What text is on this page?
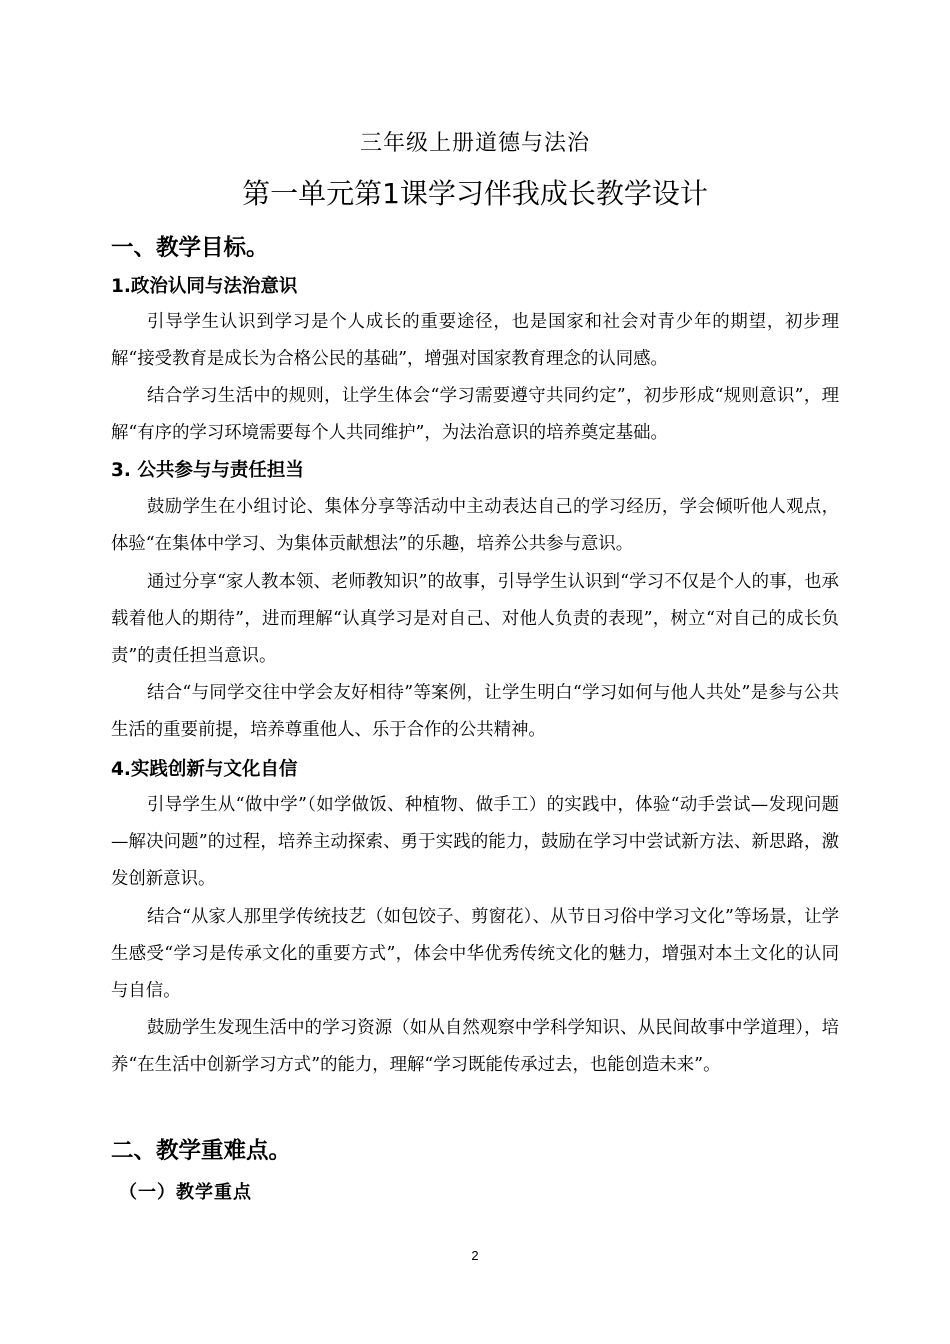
三年级上册道德与法治
第一单元第1课学习伴我成长教学设计
一、教学目标。
1.政治认同与法治意识
引导学生认识到学习是个人成长的重要途径，也是国家和社会对青少年的期望，初步理解“接受教育是成长为合格公民的基础”，增强对国家教育理念的认同感。
结合学习生活中的规则，让学生体会“学习需要遵守共同约定”，初步形成“规则意识”，理解“有序的学习环境需要每个人共同维护”，为法治意识的培养奠定基础。
3. 公共参与与责任担当
鼓励学生在小组讨论、集体分享等活动中主动表达自己的学习经历，学会倾听他人观点，体验“在集体中学习、为集体贡献想法”的乐趣，培养公共参与意识。
通过分享“家人教本领、老师教知识”的故事，引导学生认识到“学习不仅是个人的事，也承载着他人的期待”，进而理解“认真学习是对自己、对他人负责的表现”，树立“对自己的成长负责”的责任担当意识。
结合“与同学交往中学会友好相待”等案例，让学生明白“学习如何与他人共处”是参与公共生活的重要前提，培养尊重他人、乐于合作的公共精神。
4.实践创新与文化自信
引导学生从“做中学”（如学做饭、种植物、做手工）的实践中，体验“动手尝试—发现问题—解决问题”的过程，培养主动探索、勇于实践的能力，鼓励在学习中尝试新方法、新思路，激发创新意识。
结合“从家人那里学传统技艺（如包饺子、剪窗花）、从节日习俗中学习文化”等场景，让学生感受“学习是传承文化的重要方式”，体会中华优秀传统文化的魅力，增强对本土文化的认同与自信。
鼓励学生发现生活中的学习资源（如从自然观察中学科学知识、从民间故事中学道理），培养“在生活中创新学习方式”的能力，理解“学习既能传承过去，也能创造未来”。
二、教学重难点。
（一）教学重点
2
